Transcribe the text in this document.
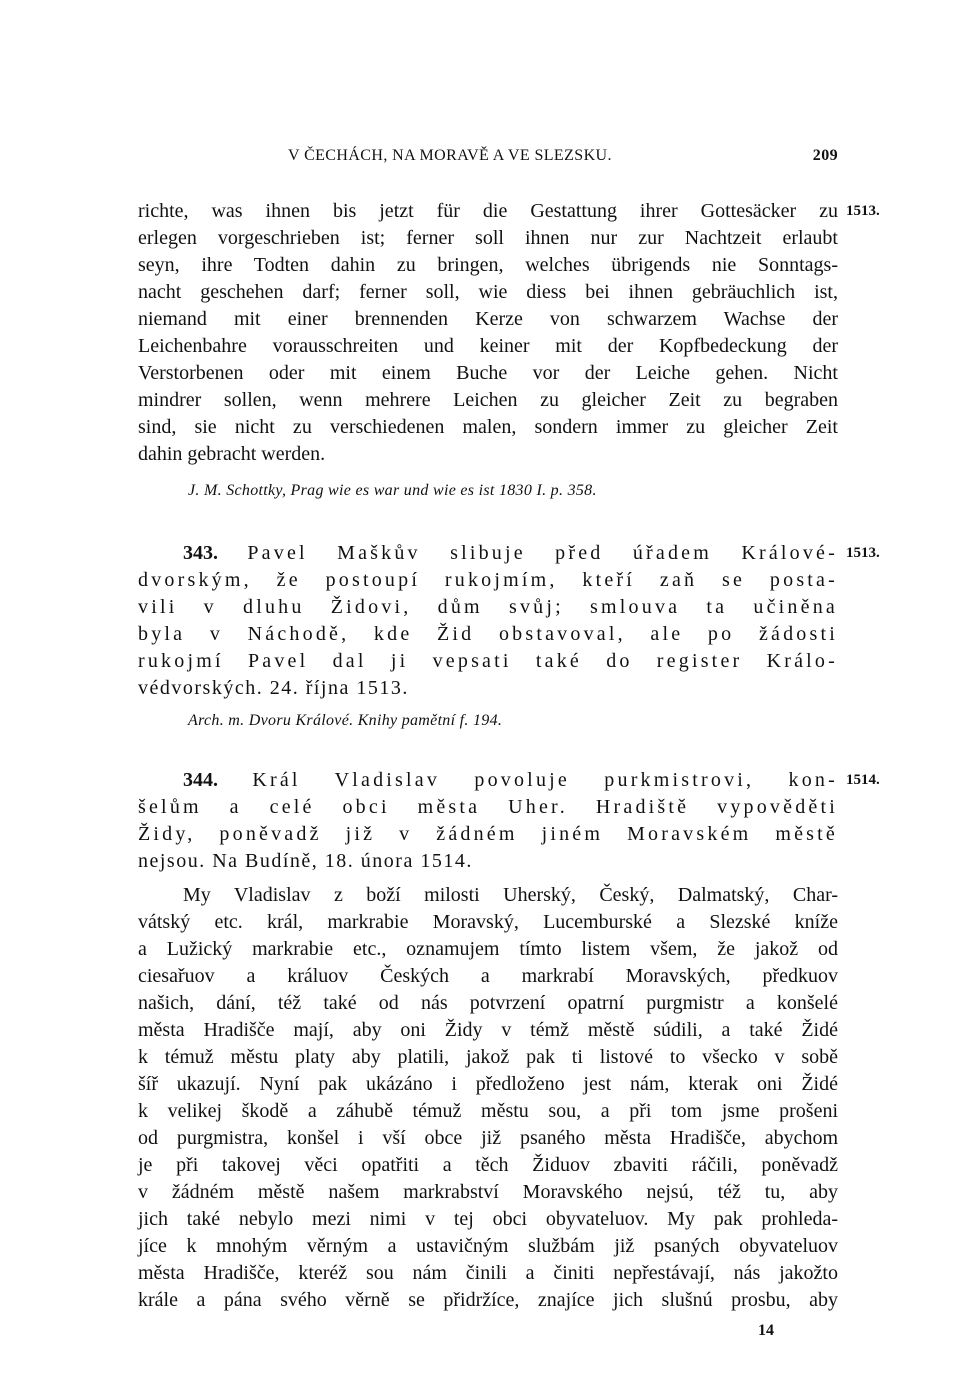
V ČECHÁCH, NA MORAVĚ A VE SLEZSKU.	209
richte, was ihnen bis jetzt für die Gestattung ihrer Gottesäcker zu 1513.
erlegen vorgeschrieben ist; ferner soll ihnen nur zur Nachtzeit erlaubt
seyn, ihre Todten dahin zu bringen, welches übrigends nie Sonntags-
nacht geschehen darf; ferner soll, wie diess bei ihnen gebräuchlich ist,
niemand mit einer brennenden Kerze von schwarzem Wachse der
Leichenbahre vorausschreiten und keiner mit der Kopfbedeckung der
Verstorbenen oder mit einem Buche vor der Leiche gehen. Nicht
mindrer sollen, wenn mehrere Leichen zu gleicher Zeit zu begraben
sind, sie nicht zu verschiedenen malen, sondern immer zu gleicher Zeit
dahin gebracht werden.
J. M. Schottky, Prag wie es war und wie es ist 1830 I. p. 358.
343. Pavel Maškův slibuje před úřadem Králové- 1513.
dvorským, že postoupí rukojmím, kteří zaň se posta-
vili v dluhu Židovi, dům svůj; smlouva ta učiněna
byla v Náchodě, kde Žid obstavoval, ale po žádosti
rukojmí Pavel dal ji vepsati také do register Králo-
védvorských. 24. října 1513.
Arch. m. Dvoru Králové. Knihy pamětní f. 194.
344. Král Vladislav povoluje purkmistrovi, kon- 1514.
šelům a celé obci města Uher. Hradiště vypověděti
Židy, poněvadž již v žádném jiném Moravském městě
nejsou. Na Budíně, 18. února 1514.
My Vladislav z boží milosti Uherský, Český, Dalmatský, Char-
vátský etc. král, markrabie Moravský, Lucemburské a Slezské kníže
a Lužický markrabie etc., oznamujem tímto listem všem, že jakož od
ciesařuov a králuov Českých a markrabí Moravských, předkuov
našich, dání, též také od nás potvrzení opatrní purgmistr a konšelé
města Hradišče mají, aby oni Židy v témž městě súdili, a také Židé
k témuž městu platy aby platili, jakož pak ti listové to všecko v sobě
šíř ukazují. Nyní pak ukázáno i předloženo jest nám, kterak oni Židé
k velikej škodě a záhubě témuž městu sou, a při tom jsme prošeni
od purgmistra, konšel i vší obce již psaného města Hradišče, abychom
je při takovej věci opatřiti a těch Židuov zbaviti ráčili, poněvadž
v žádném městě našem markrabství Moravského nejsú, též tu, aby
jich také nebylo mezi nimi v tej obci obyvateluov. My pak prohleda-
jíce k mnohým věrným a ustavičným službám již psaných obyvateluov
města Hradišče, kteréž sou nám činili a činiti nepřestávají, nás jakožto
krále a pána svého věrně se přidržíce, znajíce jich slušnú prosbu, aby
14
